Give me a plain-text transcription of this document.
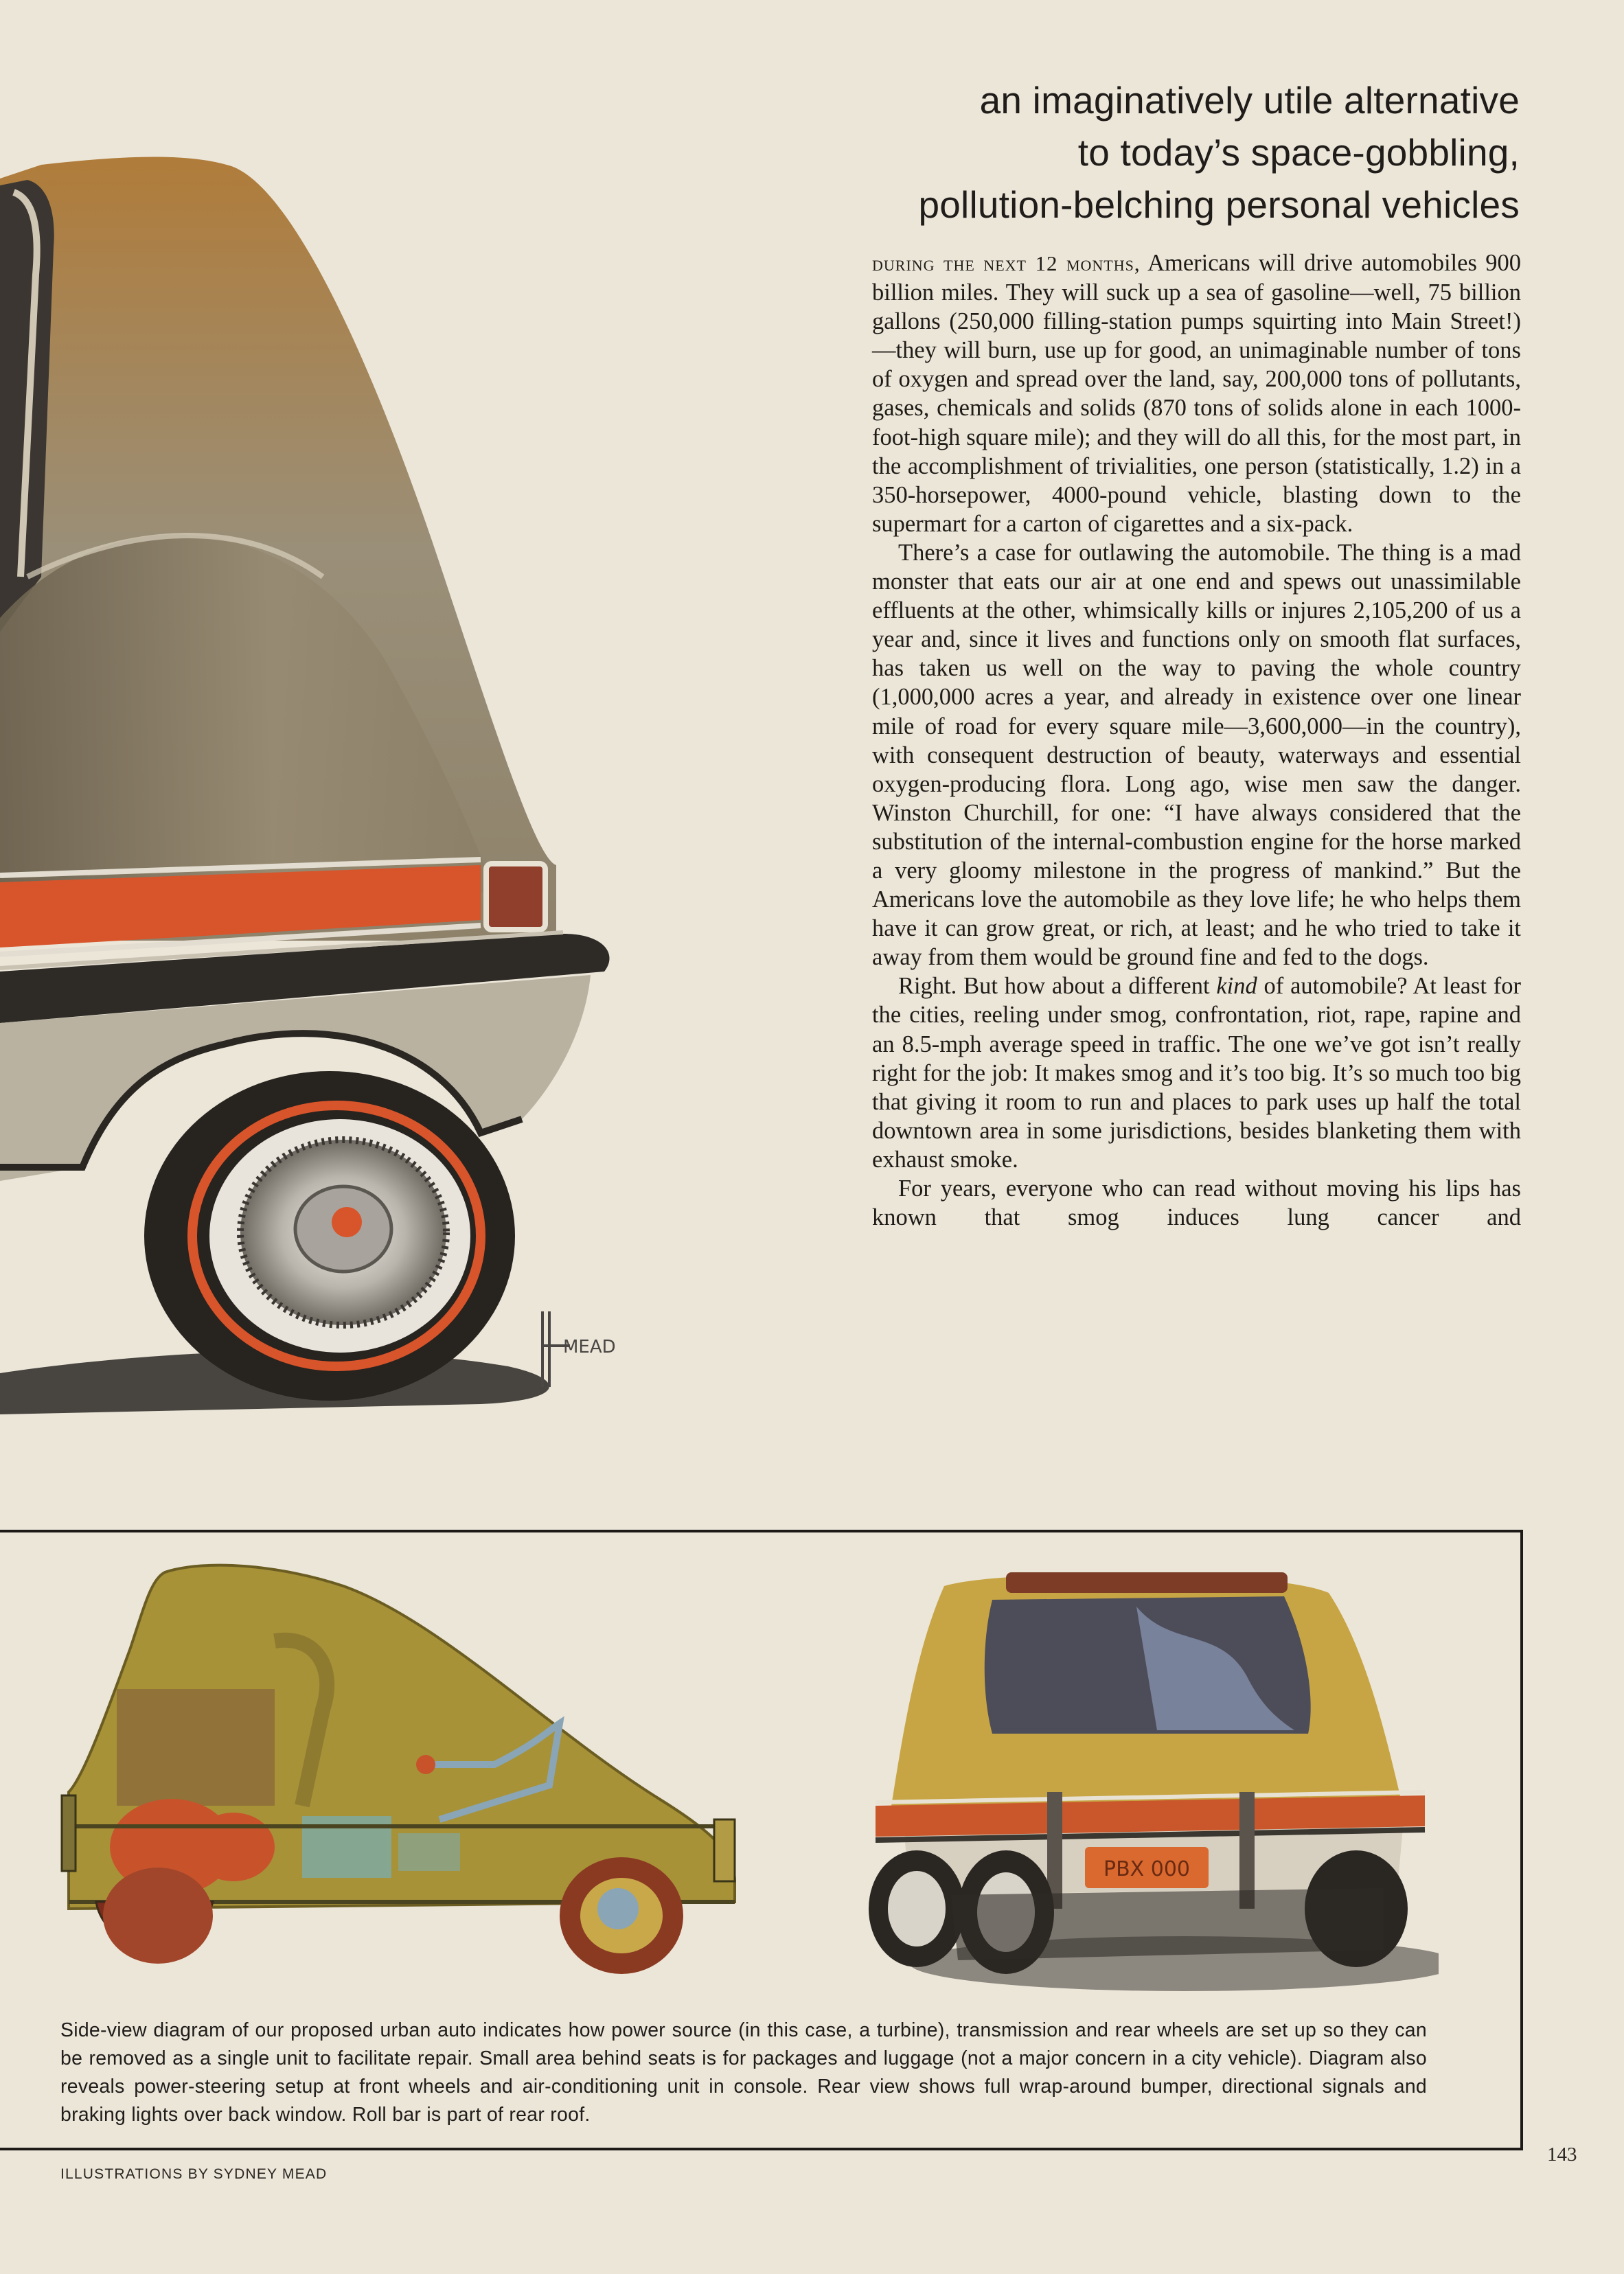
an imaginatively utile alternative
to today’s space-gobbling,
pollution-belching personal vehicles
MEAD

during the next 12 months, Americans will drive automobiles 900 billion miles. They will suck up a sea of gasoline—well, 75 billion gallons (250,000 filling-station pumps squirting into Main Street!)—they will burn, use up for good, an unimaginable number of tons of oxygen and spread over the land, say, 200,000 tons of pollutants, gases, chemicals and solids (870 tons of solids alone in each 1000-foot-high square mile); and they will do all this, for the most part, in the accomplishment of trivialities, one person (statistically, 1.2) in a 350-horsepower, 4000-pound vehicle, blasting down to the supermart for a carton of cigarettes and a six-pack.

There’s a case for outlawing the automobile. The thing is a mad monster that eats our air at one end and spews out unassimilable effluents at the other, whimsically kills or injures 2,105,200 of us a year and, since it lives and functions only on smooth flat surfaces, has taken us well on the way to paving the whole country (1,000,000 acres a year, and already in existence over one linear mile of road for every square mile—3,600,000—in the country), with consequent destruction of beauty, waterways and essential oxygen-producing flora. Long ago, wise men saw the danger. Winston Churchill, for one: “I have always considered that the substitution of the internal-combustion engine for the horse marked a very gloomy milestone in the progress of mankind.” But the Americans love the automobile as they love life; he who helps them have it can grow great, or rich, at least; and he who tried to take it away from them would be ground fine and fed to the dogs.

Right. But how about a different kind of automobile? At least for the cities, reeling under smog, confrontation, riot, rape, rapine and an 8.5-mph average speed in traffic. The one we’ve got isn’t really right for the job: It makes smog and it’s too big. It’s so much too big that giving it room to run and places to park uses up half the total downtown area in some jurisdictions, besides blanketing them with exhaust smoke.

For years, everyone who can read without moving his lips has known that smog induces lung cancer and

PBX 000
Side-view diagram of our proposed urban auto indicates how power source (in this case, a turbine), transmission and rear wheels are set up so they can be removed as a single unit to facilitate repair. Small area behind seats is for packages and luggage (not a major concern in a city vehicle). Diagram also reveals power-steering setup at front wheels and air-conditioning unit in console. Rear view shows full wrap-around bumper, directional signals and braking lights over back window. Roll bar is part of rear roof.
ILLUSTRATIONS BY SYDNEY MEAD
143
